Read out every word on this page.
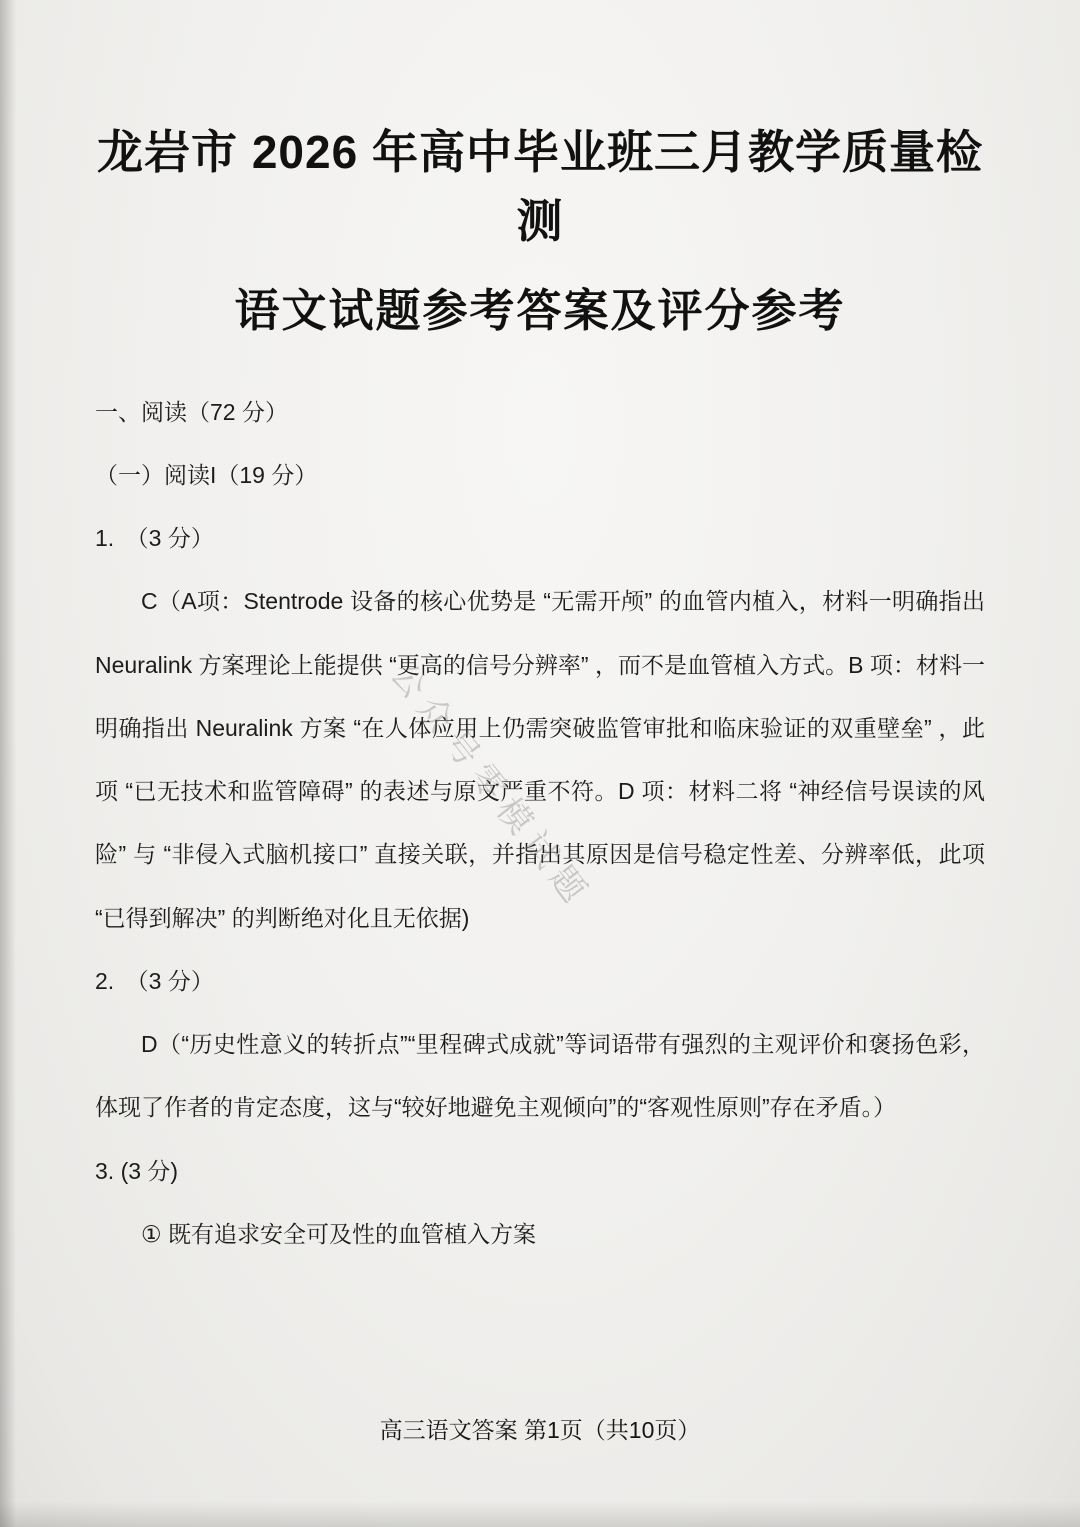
龙岩市 2026 年高中毕业班三月教学质量检测
语文试题参考答案及评分参考

一、阅读（72 分）

（一）阅读I（19 分）

1.　（3 分）

C（A项：Stentrode 设备的核心优势是 “无需开颅” 的血管内植入，材料一明确指出 Neuralink 方案理论上能提供 “更高的信号分辨率” ，而不是血管植入方式。B 项：材料一明确指出 Neuralink 方案 “在人体应用上仍需突破监管审批和临床验证的双重壁垒” ，此项 “已无技术和监管障碍” 的表述与原文严重不符。D 项：材料二将 “神经信号误读的风险” 与 “非侵入式脑机接口” 直接关联，并指出其原因是信号稳定性差、分辨率低，此项 “已得到解决” 的判断绝对化且无依据)

2.　（3 分）

D（“历史性意义的转折点”“里程碑式成就”等词语带有强烈的主观评价和褒扬色彩，体现了作者的肯定态度，这与“较好地避免主观倾向”的“客观性原则”存在矛盾。）

3. (3 分)

① 既有追求安全可及性的血管植入方案

公众号零模试题
高三语文答案 第1页（共10页）
